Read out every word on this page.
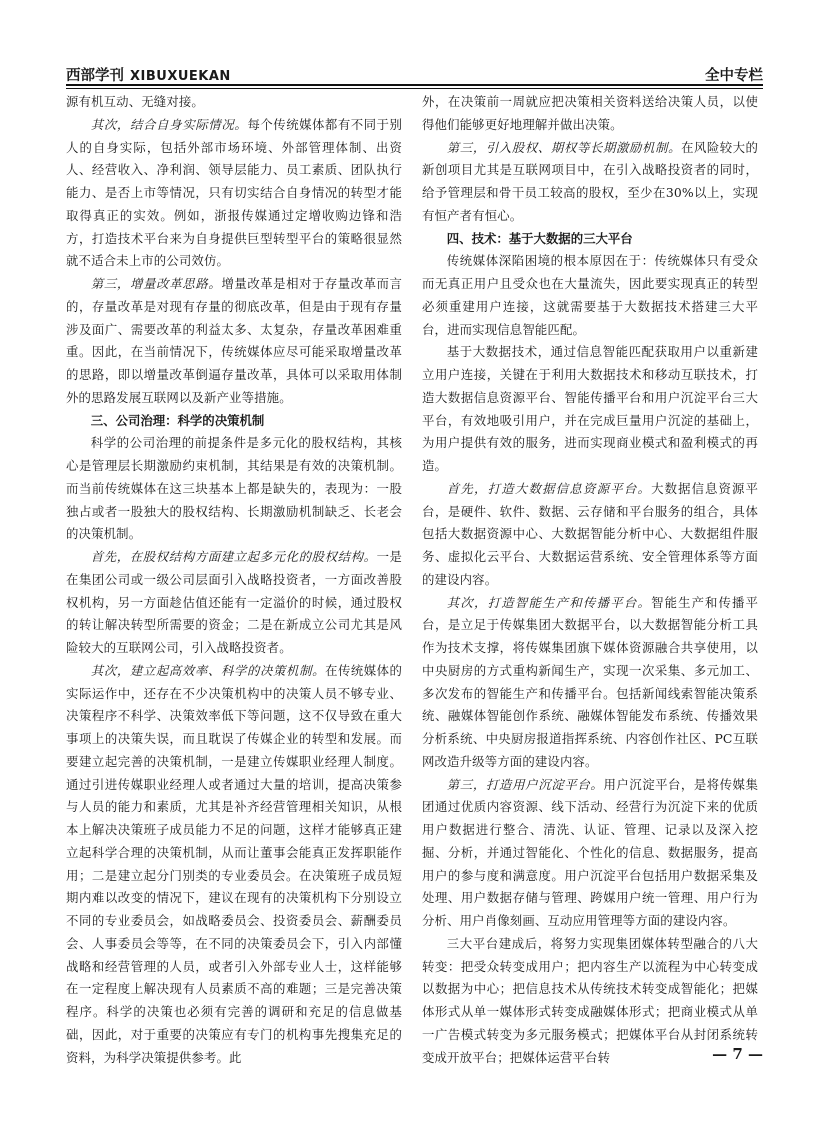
西部学刊 XIBUXUEKAN	全中专栏

源有机互动、无缝对接。

其次，结合自身实际情况。每个传统媒体都有不同于别人的自身实际，包括外部市场环境、外部管理体制、出资人、经营收入、净利润、领导层能力、员工素质、团队执行能力、是否上市等情况，只有切实结合自身情况的转型才能取得真正的实效。例如，浙报传媒通过定增收购边锋和浩方，打造技术平台来为自身提供巨型转型平台的策略很显然就不适合未上市的公司效仿。

第三，增量改革思路。增量改革是相对于存量改革而言的，存量改革是对现有存量的彻底改革，但是由于现有存量涉及面广、需要改革的利益太多、太复杂，存量改革困难重重。因此，在当前情况下，传统媒体应尽可能采取增量改革的思路，即以增量改革倒逼存量改革，具体可以采取用体制外的思路发展互联网以及新产业等措施。

三、公司治理：科学的决策机制

科学的公司治理的前提条件是多元化的股权结构，其核心是管理层长期激励约束机制，其结果是有效的决策机制。而当前传统媒体在这三块基本上都是缺失的，表现为：一股独占或者一股独大的股权结构、长期激励机制缺乏、长老会的决策机制。

首先，在股权结构方面建立起多元化的股权结构。一是在集团公司或一级公司层面引入战略投资者，一方面改善股权机构，另一方面趁估值还能有一定溢价的时候，通过股权的转让解决转型所需要的资金；二是在新成立公司尤其是风险较大的互联网公司，引入战略投资者。

其次，建立起高效率、科学的决策机制。在传统媒体的实际运作中，还存在不少决策机构中的决策人员不够专业、决策程序不科学、决策效率低下等问题，这不仅导致在重大事项上的决策失误，而且耽误了传媒企业的转型和发展。而要建立起完善的决策机制，一是建立传媒职业经理人制度。通过引进传媒职业经理人或者通过大量的培训，提高决策参与人员的能力和素质，尤其是补齐经营管理相关知识，从根本上解决决策班子成员能力不足的问题，这样才能够真正建立起科学合理的决策机制，从而让董事会能真正发挥职能作用；二是建立起分门别类的专业委员会。在决策班子成员短期内难以改变的情况下，建议在现有的决策机构下分别设立不同的专业委员会，如战略委员会、投资委员会、薪酬委员会、人事委员会等等，在不同的决策委员会下，引入内部懂战略和经营管理的人员，或者引入外部专业人士，这样能够在一定程度上解决现有人员素质不高的难题；三是完善决策程序。科学的决策也必须有完善的调研和充足的信息做基础，因此，对于重要的决策应有专门的机构事先搜集充足的资料，为科学决策提供参考。此

外，在决策前一周就应把决策相关资料送给决策人员，以使得他们能够更好地理解并做出决策。

第三，引入股权、期权等长期激励机制。在风险较大的新创项目尤其是互联网项目中，在引入战略投资者的同时，给予管理层和骨干员工较高的股权，至少在30%以上，实现有恒产者有恒心。

四、技术：基于大数据的三大平台

传统媒体深陷困境的根本原因在于：传统媒体只有受众而无真正用户且受众也在大量流失，因此要实现真正的转型必须重建用户连接，这就需要基于大数据技术搭建三大平台，进而实现信息智能匹配。

基于大数据技术，通过信息智能匹配获取用户以重新建立用户连接，关键在于利用大数据技术和移动互联技术，打造大数据信息资源平台、智能传播平台和用户沉淀平台三大平台，有效地吸引用户，并在完成巨量用户沉淀的基础上，为用户提供有效的服务，进而实现商业模式和盈利模式的再造。

首先，打造大数据信息资源平台。大数据信息资源平台，是硬件、软件、数据、云存储和平台服务的组合，具体包括大数据资源中心、大数据智能分析中心、大数据组件服务、虚拟化云平台、大数据运营系统、安全管理体系等方面的建设内容。

其次，打造智能生产和传播平台。智能生产和传播平台，是立足于传媒集团大数据平台，以大数据智能分析工具作为技术支撑，将传媒集团旗下媒体资源融合共享使用，以中央厨房的方式重构新闻生产，实现一次采集、多元加工、多次发布的智能生产和传播平台。包括新闻线索智能决策系统、融媒体智能创作系统、融媒体智能发布系统、传播效果分析系统、中央厨房报道指挥系统、内容创作社区、PC互联网改造升级等方面的建设内容。

第三，打造用户沉淀平台。用户沉淀平台，是将传媒集团通过优质内容资源、线下活动、经营行为沉淀下来的优质用户数据进行整合、清洗、认证、管理、记录以及深入挖掘、分析，并通过智能化、个性化的信息、数据服务，提高用户的参与度和满意度。用户沉淀平台包括用户数据采集及处理、用户数据存储与管理、跨媒用户统一管理、用户行为分析、用户肖像刻画、互动应用管理等方面的建设内容。

三大平台建成后，将努力实现集团媒体转型融合的八大转变：把受众转变成用户；把内容生产以流程为中心转变成以数据为中心；把信息技术从传统技术转变成智能化；把媒体形式从单一媒体形式转变成融媒体形式；把商业模式从单一广告模式转变为多元服务模式；把媒体平台从封闭系统转变成开放平台；把媒体运营平台转	— 7 —
